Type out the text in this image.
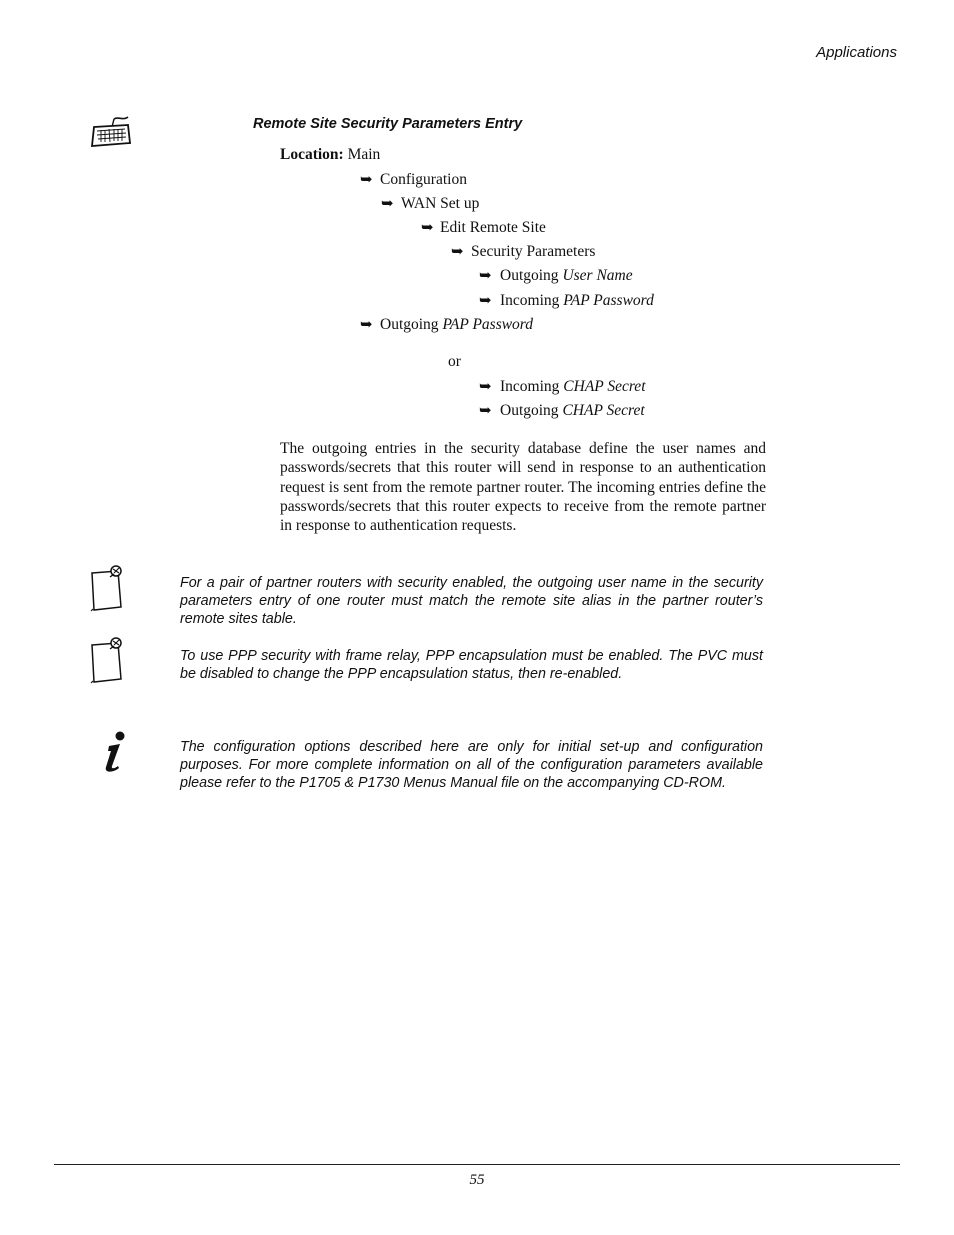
Applications
Remote Site Security Parameters Entry
Location: Main
➥ Configuration
➥ WAN Set up
➥ Edit Remote Site
➥ Security Parameters
➥ Outgoing User Name
➥ Incoming PAP Password
➥ Outgoing PAP Password
or
➥ Incoming CHAP Secret
➥ Outgoing CHAP Secret
The outgoing entries in the security database define the user names and passwords/secrets that this router will send in response to an authentication request is sent from the remote partner router. The incoming entries define the passwords/secrets that this router expects to receive from the remote partner in response to authentication requests.
For a pair of partner routers with security enabled, the outgoing user name in the security parameters entry of one router must match the remote site alias in the partner router’s remote sites table.
To use PPP security with frame relay, PPP encapsulation must be enabled. The PVC must be disabled to change the PPP encapsulation status, then re-enabled.
The configuration options described here are only for initial set-up and configuration purposes. For more complete information on all of the configuration parameters available please refer to the P1705 & P1730 Menus Manual file on the accompanying CD-ROM.
55
